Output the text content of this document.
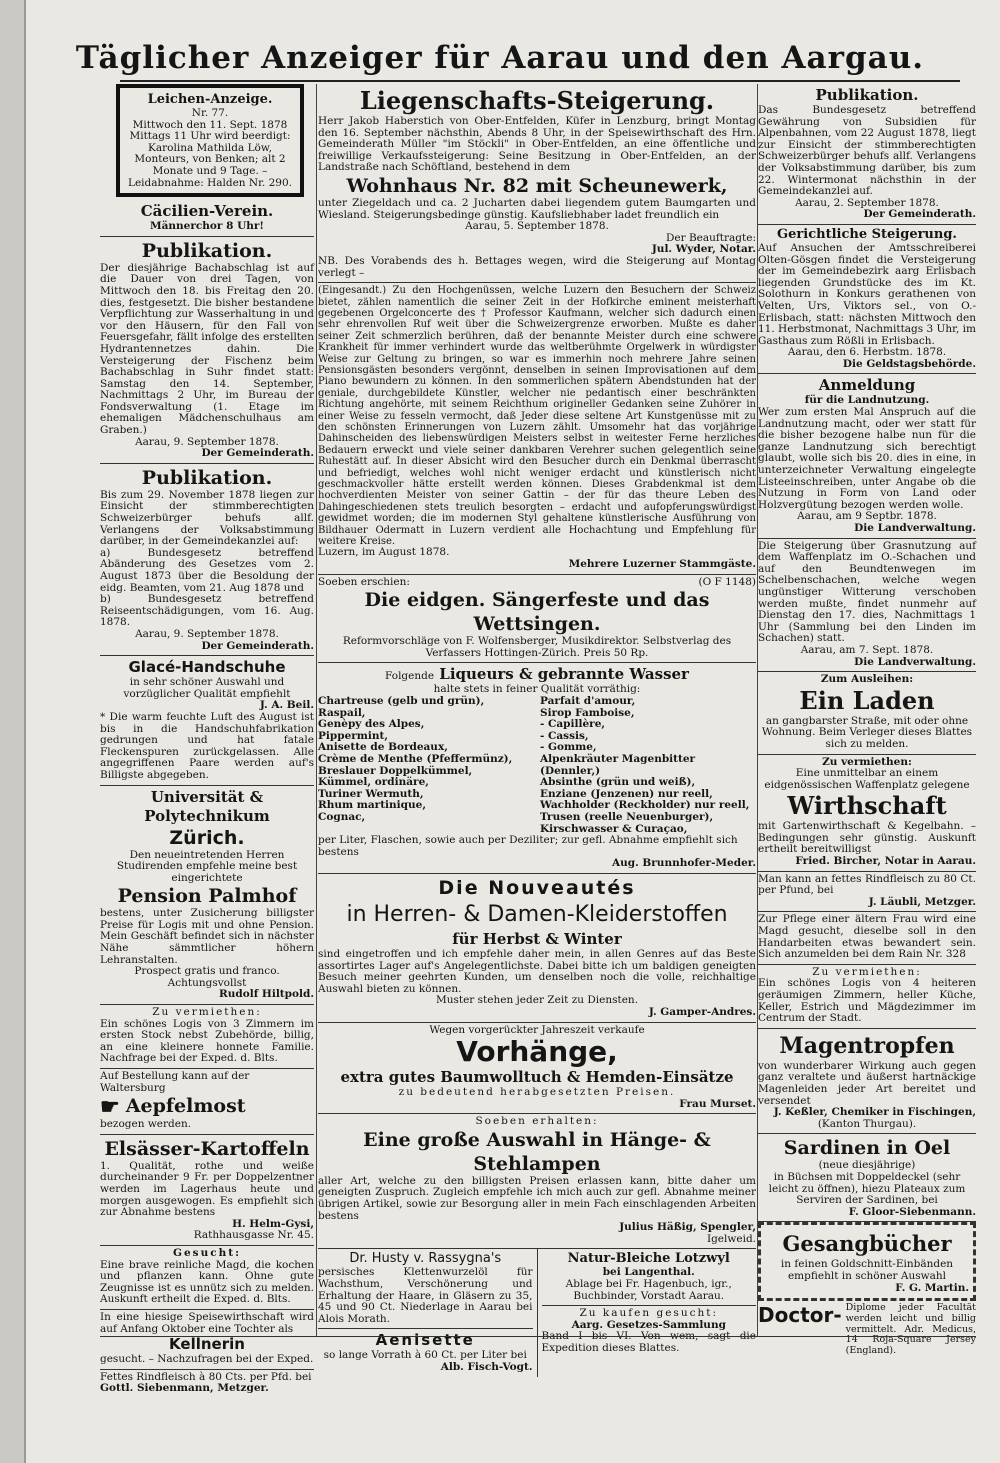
Täglicher Anzeiger für Aarau und den Aargau.

Leichen-Anzeige.

Nr. 77.

Mittwoch den 11. Sept. 1878 Mittags 11 Uhr wird beerdigt: Karolina Mathilda Löw, Monteurs, von Benken; alt 2 Monate und 9 Tage. – Leidabnahme: Halden Nr. 290.

Cäcilien-Verein.

Männerchor 8 Uhr!

Publikation.

Der diesjährige Bachabschlag ist auf die Dauer von drei Tagen, von Mittwoch den 18. bis Freitag den 20. dies, festgesetzt. Die bisher bestandene Verpflichtung zur Wasserhaltung in und vor den Häusern, für den Fall von Feuersgefahr, fällt infolge des erstellten Hydrantennetzes dahin. Die Versteigerung der Fischenz beim Bachabschlag in Suhr findet statt: Samstag den 14. September, Nachmittags 2 Uhr, im Bureau der Fondsverwaltung (1. Etage im ehemaligen Mädchenschulhaus am Graben.)

Aarau, 9. September 1878.

Der Gemeinderath.

Publikation.

Bis zum 29. November 1878 liegen zur Einsicht der stimmberechtigten Schweizerbürger behufs allf. Verlangens der Volksabstimmung darüber, in der Gemeindekanzlei auf:

a) Bundesgesetz betreffend Abänderung des Gesetzes vom 2. August 1873 über die Besoldung der eidg. Beamten, vom 21. Aug 1878 und

b) Bundesgesetz betreffend Reiseentschädigungen, vom 16. Aug. 1878.

Aarau, 9. September 1878.

Der Gemeinderath.

Glacé-Handschuhe

in sehr schöner Auswahl und vorzüglicher Qualität empfiehlt

J. A. Beil.

* Die warm feuchte Luft des August ist bis in die Handschuhfabrikation gedrungen und hat fatale Fleckenspuren zurückgelassen. Alle angegriffenen Paare werden auf's Billigste abgegeben.

Universität & Polytechnikum

Zürich.

Den neueintretenden Herren Studirenden empfehle meine best eingerichtete

Pension Palmhof

bestens, unter Zusicherung billigster Preise für Logis mit und ohne Pension. Mein Geschäft befindet sich in nächster Nähe sämmtlicher höhern Lehranstalten.

Prospect gratis und franco.

Achtungsvollst

Rudolf Hiltpold.

Zu vermiethen:

Ein schönes Logis von 3 Zimmern im ersten Stock nebst Zubehörde, billig, an eine kleinere honnete Familie. Nachfrage bei der Exped. d. Blts.

Auf Bestellung kann auf der Waltersburg

☛ Aepfelmost

bezogen werden.

Elsässer-Kartoffeln

1. Qualität, rothe und weiße durcheinander 9 Fr. per Doppelzentner werden im Lagerhaus heute und morgen ausgewogen. Es empfiehlt sich zur Abnahme bestens

H. Helm-Gysi,

Rathhausgasse Nr. 45.

Gesucht:

Eine brave reinliche Magd, die kochen und pflanzen kann. Ohne gute Zeugnisse ist es unnütz sich zu melden. Auskunft ertheilt die Exped. d. Blts.

In eine hiesige Speisewirthschaft wird auf Anfang Oktober eine Tochter als

Kellnerin

gesucht. – Nachzufragen bei der Exped.

Fettes Rindfleisch à 80 Cts. per Pfd. bei

Gottl. Siebenmann, Metzger.

Liegenschafts-Steigerung.

Herr Jakob Haberstich von Ober-Entfelden, Küfer in Lenzburg, bringt Montag den 16. September nächsthin, Abends 8 Uhr, in der Speisewirthschaft des Hrn. Gemeinderath Müller "im Stöckli" in Ober-Entfelden, an eine öffentliche und freiwillige Verkaufssteigerung: Seine Besitzung in Ober-Entfelden, an der Landstraße nach Schöftland, bestehend in dem

Wohnhaus Nr. 82 mit Scheunewerk,

unter Ziegeldach und ca. 2 Jucharten dabei liegendem gutem Baumgarten und Wiesland. Steigerungsbedinge günstig. Kaufsliebhaber ladet freundlich ein

Aarau, 5. September 1878.

Der Beauftragte:

Jul. Wyder, Notar.

NB. Des Vorabends des h. Bettages wegen, wird die Steigerung auf Montag verlegt –

(Eingesandt.) Zu den Hochgenüssen, welche Luzern den Besuchern der Schweiz bietet, zählen namentlich die seiner Zeit in der Hofkirche eminent meisterhaft gegebenen Orgelconcerte des † Professor Kaufmann, welcher sich dadurch einen sehr ehrenvollen Ruf weit über die Schweizergrenze erworben. Mußte es daher seiner Zeit schmerzlich berühren, daß der benannte Meister durch eine schwere Krankheit für immer verhindert wurde das weltberühmte Orgelwerk in würdigster Weise zur Geltung zu bringen, so war es immerhin noch mehrere Jahre seinen Pensionsgästen besonders vergönnt, denselben in seinen Improvisationen auf dem Piano bewundern zu können. In den sommerlichen spätern Abendstunden hat der geniale, durchgebildete Künstler, welcher nie pedantisch einer beschränkten Richtung angehörte, mit seinem Reichthum origineller Gedanken seine Zuhörer in einer Weise zu fesseln vermocht, daß Jeder diese seltene Art Kunstgenüsse mit zu den schönsten Erinnerungen von Luzern zählt. Umsomehr hat das vorjährige Dahinscheiden des liebenswürdigen Meisters selbst in weitester Ferne herzliches Bedauern erweckt und viele seiner dankbaren Verehrer suchen gelegentlich seine Ruhestätt auf. In dieser Absicht wird den Besucher durch ein Denkmal überrascht und befriedigt, welches wohl nicht weniger erdacht und künstlerisch nicht geschmackvoller hätte erstellt werden können. Dieses Grabdenkmal ist dem hochverdienten Meister von seiner Gattin – der für das theure Leben des Dahingeschiedenen stets treulich besorgten – erdacht und aufopferungswürdigst gewidmet worden; die im modernen Styl gehaltene künstlerische Ausführung von Bildhauer Odermatt in Luzern verdient alle Hochachtung und Empfehlung für weitere Kreise.

Luzern, im August 1878.

Mehrere Luzerner Stammgäste.

Soeben erschien:	(O F 1148)

Die eidgen. Sängerfeste und das Wettsingen.

Reformvorschläge von F. Wolfensberger, Musikdirektor. Selbstverlag des Verfassers Hottingen-Zürich. Preis 50 Rp.

Folgende Liqueurs & gebrannte Wasser

halte stets in feiner Qualität vorräthig:

Chartreuse (gelb und grün),

Raspail,

Genèpy des Alpes,

Pippermint,

Anisette de Bordeaux,

Crème de Menthe (Pfeffermünz),

Breslauer Doppelkümmel,

Kümmel, ordinäre,

Turiner Wermuth,

Rhum martinique,

Cognac,

Parfait d'amour,

Sirop Famboise,

- Capillère,

- Cassis,

- Gomme,

Alpenkräuter Magenbitter (Dennler,)

Absinthe (grün und weiß),

Enziane (Jenzenen) nur reell,

Wachholder (Reckholder) nur reell,

Trusen (reelle Neuenburger),

Kirschwasser & Curaçao,

per Liter, Flaschen, sowie auch per Deziliter; zur gefl. Abnahme empfiehlt sich bestens

Aug. Brunnhofer-Meder.

Die Nouveautés

in Herren- & Damen-Kleiderstoffen

für Herbst & Winter

sind eingetroffen und ich empfehle daher mein, in allen Genres auf das Beste assortirtes Lager auf's Angelegentlichste. Dabei bitte ich um baldigen geneigten Besuch meiner geehrten Kunden, um denselben noch die volle, reichhaltige Auswahl bieten zu können.

Muster stehen jeder Zeit zu Diensten.

J. Gamper-Andres.

Wegen vorgerückter Jahreszeit verkaufe

Vorhänge,

extra gutes Baumwolltuch & Hemden-Einsätze

zu bedeutend herabgesetzten Preisen.

Frau Murset.

Soeben erhalten:

Eine große Auswahl in Hänge- & Stehlampen

aller Art, welche zu den billigsten Preisen erlassen kann, bitte daher um geneigten Zuspruch. Zugleich empfehle ich mich auch zur gefl. Abnahme meiner übrigen Artikel, sowie zur Besorgung aller in mein Fach einschlagenden Arbeiten bestens

Julius Häßig, Spengler,

Igelweid.

Dr. Husty v. Rassygna's

persisches Klettenwurzelöl für Wachsthum, Verschönerung und Erhaltung der Haare, in Gläsern zu 35, 45 und 90 Ct. Niederlage in Aarau bei Alois Morath.

Aenisette

so lange Vorrath à 60 Ct. per Liter bei

Alb. Fisch-Vogt.

Natur-Bleiche Lotzwyl

bei Langenthal.

Ablage bei Fr. Hagenbuch, igr., Buchbinder, Vorstadt Aarau.

Zu kaufen gesucht:

Aarg. Gesetzes-Sammlung

Band I bis VI. Von wem, sagt die Expedition dieses Blattes.

Publikation.

Das Bundesgesetz betreffend Gewährung von Subsidien für Alpenbahnen, vom 22 August 1878, liegt zur Einsicht der stimmberechtigten Schweizerbürger behufs allf. Verlangens der Volksabstimmung darüber, bis zum 22. Wintermonat nächsthin in der Gemeindekanzlei auf.

Aarau, 2. September 1878.

Der Gemeinderath.

Gerichtliche Steigerung.

Auf Ansuchen der Amtsschreiberei Olten-Gösgen findet die Versteigerung der im Gemeindebezirk aarg Erlisbach liegenden Grundstücke des im Kt. Solothurn in Konkurs gerathenen von Velten, Urs, Viktors sel., von O.-Erlisbach, statt: nächsten Mittwoch den 11. Herbstmonat, Nachmittags 3 Uhr, im Gasthaus zum Rößli in Erlisbach.

Aarau, den 6. Herbstm. 1878.

Die Geldstagsbehörde.

Anmeldung

für die Landnutzung.

Wer zum ersten Mal Anspruch auf die Landnutzung macht, oder wer statt für die bisher bezogene halbe nun für die ganze Landnutzung sich berechtigt glaubt, wolle sich bis 20. dies in eine, in unterzeichneter Verwaltung eingelegte Listeeinschreiben, unter Angabe ob die Nutzung in Form von Land oder Holzvergütung bezogen werden wolle.

Aarau, am 9 Septbr. 1878.

Die Landverwaltung.

Die Steigerung über Grasnutzung auf dem Waffenplatz im O.-Schachen und auf den Beundtenwegen im Schelbenschachen, welche wegen ungünstiger Witterung verschoben werden mußte, findet nunmehr auf Dienstag den 17. dies, Nachmittags 1 Uhr (Sammlung bei den Linden im Schachen) statt.

Aarau, am 7. Sept. 1878.

Die Landverwaltung.

Zum Ausleihen:

Ein Laden

an gangbarster Straße, mit oder ohne Wohnung. Beim Verleger dieses Blattes sich zu melden.

Zu vermiethen:

Eine unmittelbar an einem eidgenössischen Waffenplatz gelegene

Wirthschaft

mit Gartenwirthschaft & Kegelbahn. – Bedingungen sehr günstig. Auskunft ertheilt bereitwilligst

Fried. Bircher, Notar in Aarau.

Man kann an fettes Rindfleisch zu 80 Ct. per Pfund, bei

J. Läubli, Metzger.

Zur Pflege einer ältern Frau wird eine Magd gesucht, dieselbe soll in den Handarbeiten etwas bewandert sein. Sich anzumelden bei dem Rain Nr. 328

Zu vermiethen:

Ein schönes Logis von 4 heiteren geräumigen Zimmern, heller Küche, Keller, Estrich und Mägdezimmer im Centrum der Stadt.

Magentropfen

von wunderbarer Wirkung auch gegen ganz veraltete und äußerst hartnäckige Magenleiden jeder Art bereitet und versendet

J. Keßler, Chemiker in Fischingen,

(Kanton Thurgau).

Sardinen in Oel

(neue diesjährige)

in Büchsen mit Doppeldeckel (sehr leicht zu öffnen), hiezu Plateaux zum Serviren der Sardinen, bei

F. Gloor-Siebenmann.

Gesangbücher

in feinen Goldschnitt-Einbänden empfiehlt in schöner Auswahl

F. G. Martin.

Doctor- Diplome jeder Facultät werden leicht und billig vermittelt. Adr. Medicus, 14 Roja-Square Jersey (England).
